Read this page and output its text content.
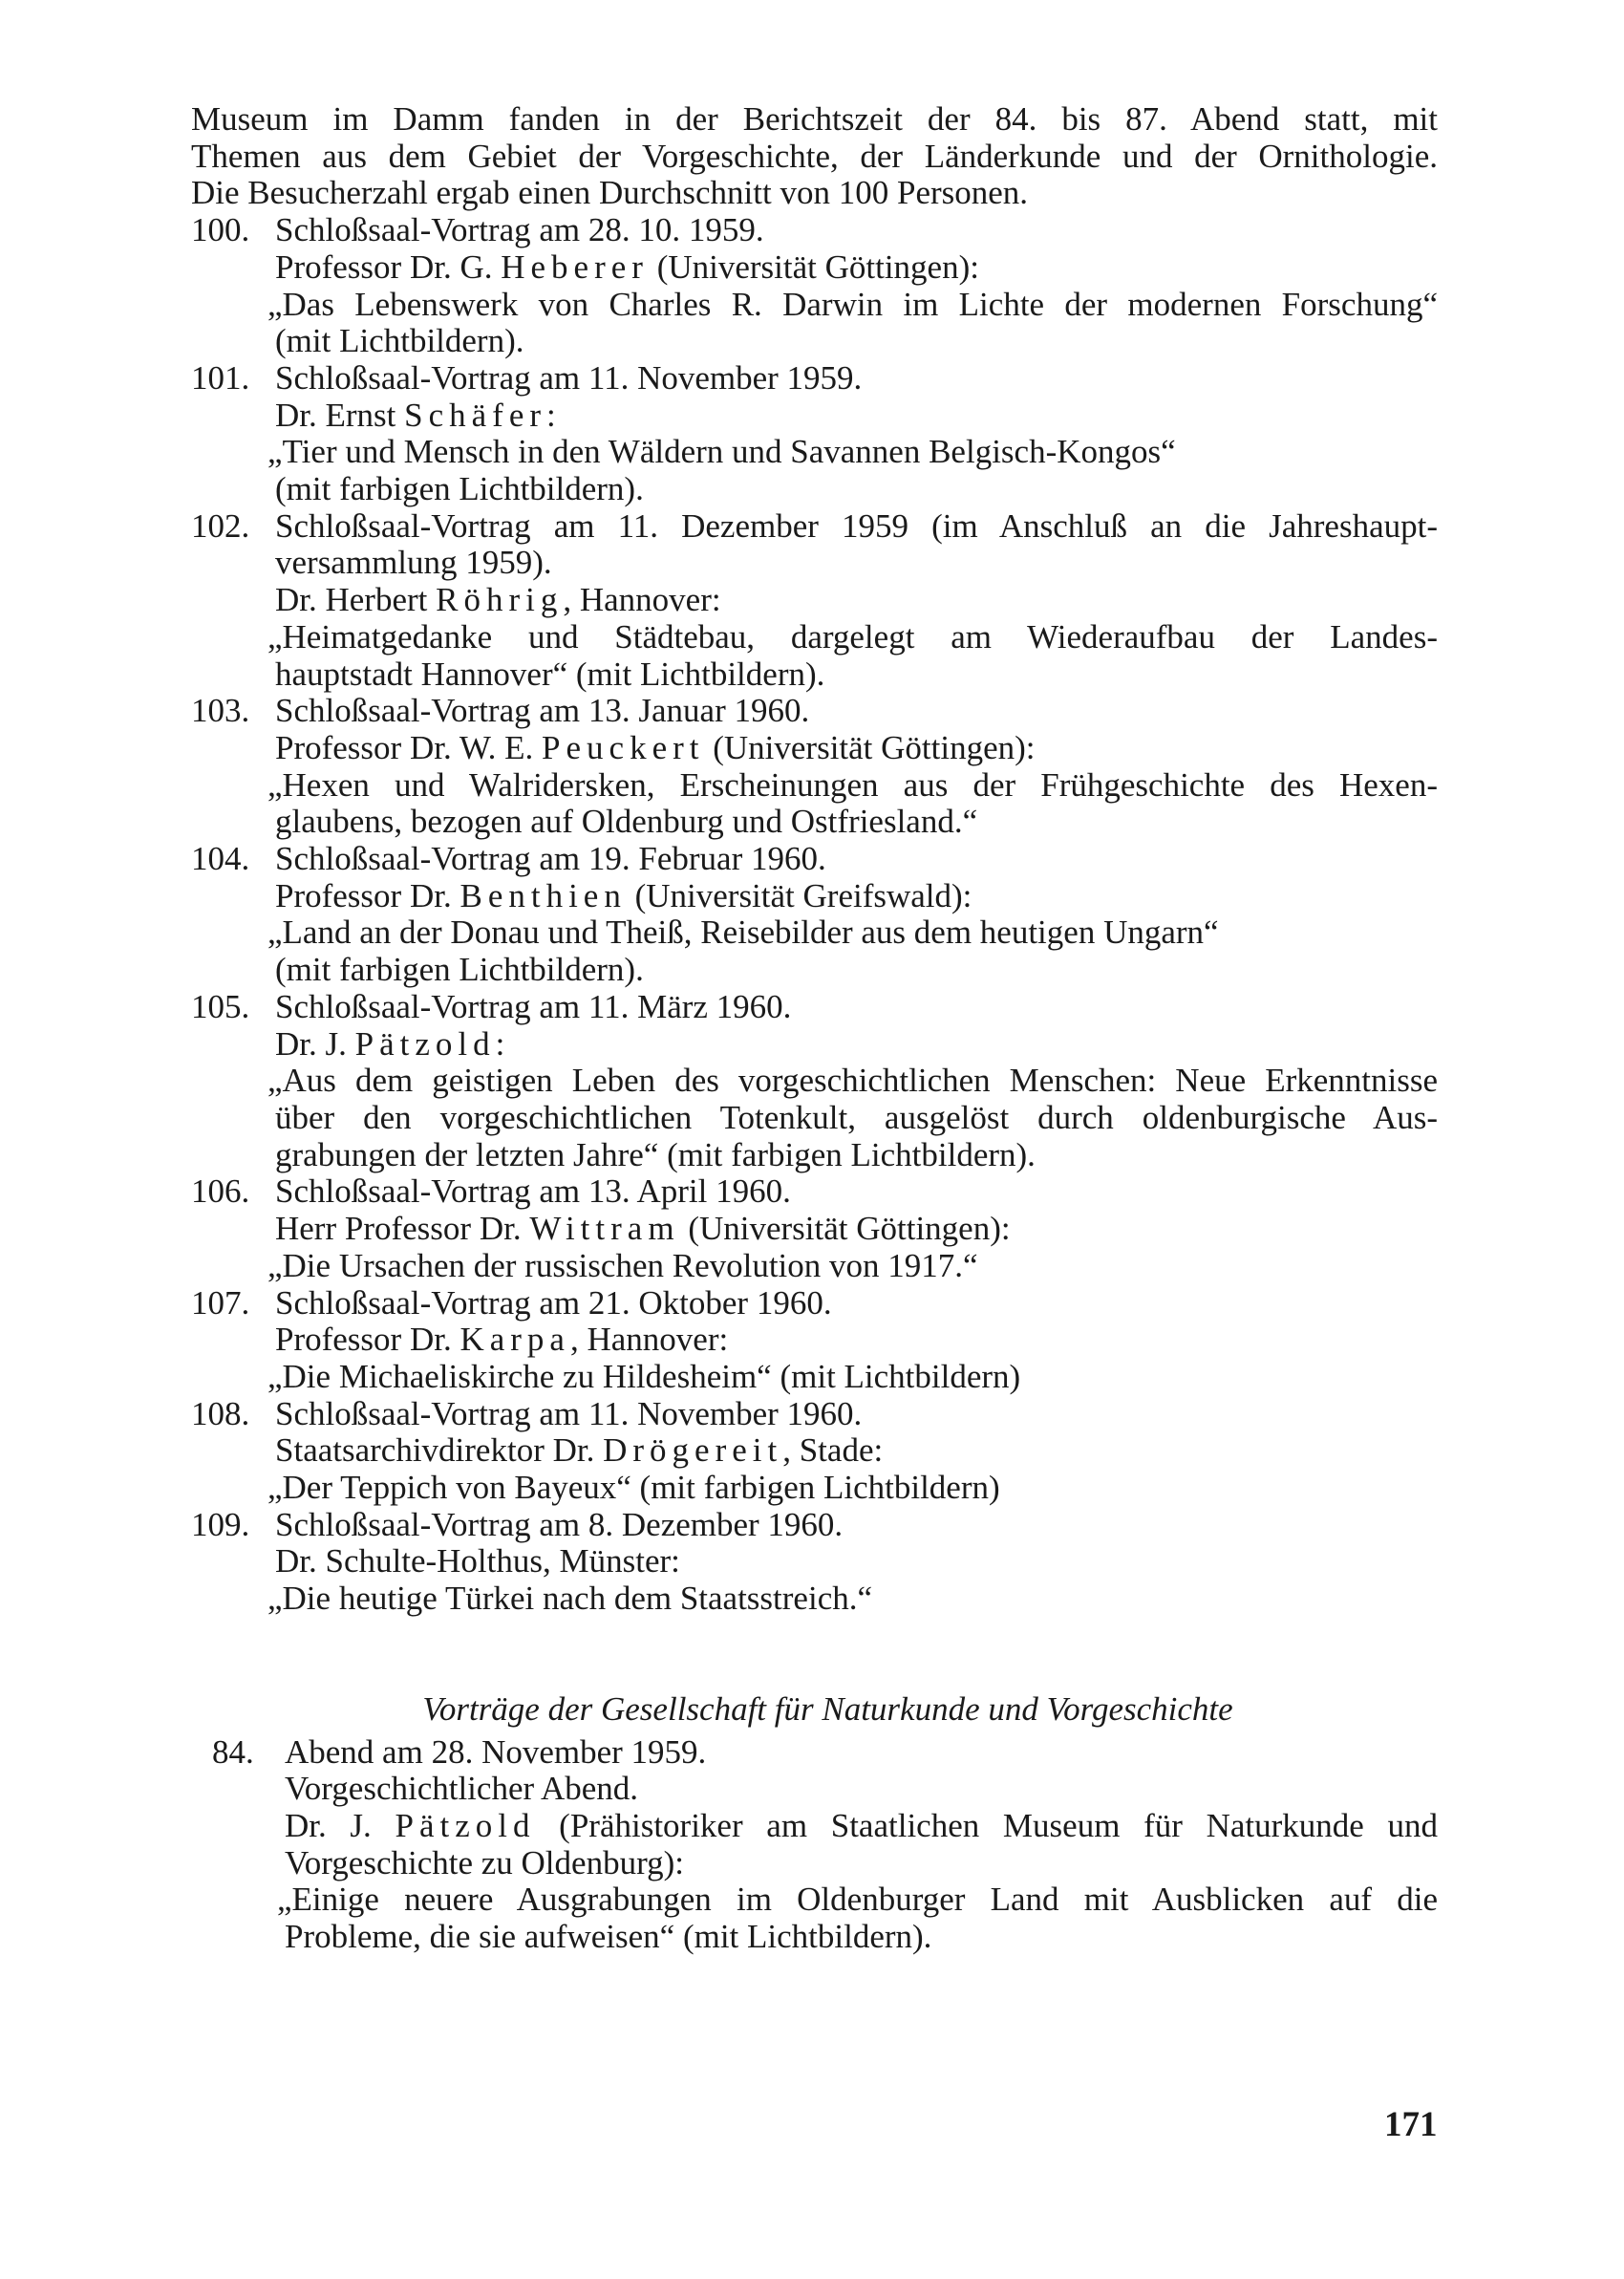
Museum im Damm fanden in der Berichtszeit der 84. bis 87. Abend statt, mit

Themen aus dem Gebiet der Vorgeschichte, der Länderkunde und der Ornithologie.

Die Besucherzahl ergab einen Durchschnitt von 100 Personen.

100. Schloßsaal-Vortrag am 28. 10. 1959.
Professor Dr. G. Heberer (Universität Göttingen):
„Das Lebenswerk von Charles R. Darwin im Lichte der modernen Forschung“
(mit Lichtbildern).
101. Schloßsaal-Vortrag am 11. November 1959.
Dr. Ernst Schäfer:
„Tier und Mensch in den Wäldern und Savannen Belgisch-Kongos“
(mit farbigen Lichtbildern).
102. Schloßsaal-Vortrag am 11. Dezember 1959 (im Anschluß an die Jahreshaupt-
versammlung 1959).
Dr. Herbert Röhrig, Hannover:
„Heimatgedanke und Städtebau, dargelegt am Wiederaufbau der Landes-
hauptstadt Hannover“ (mit Lichtbildern).
103. Schloßsaal-Vortrag am 13. Januar 1960.
Professor Dr. W. E. Peuckert (Universität Göttingen):
„Hexen und Walridersken, Erscheinungen aus der Frühgeschichte des Hexen-
glaubens, bezogen auf Oldenburg und Ostfriesland.“
104. Schloßsaal-Vortrag am 19. Februar 1960.
Professor Dr. Benthien (Universität Greifswald):
„Land an der Donau und Theiß, Reisebilder aus dem heutigen Ungarn“
(mit farbigen Lichtbildern).
105. Schloßsaal-Vortrag am 11. März 1960.
Dr. J. Pätzold:
„Aus dem geistigen Leben des vorgeschichtlichen Menschen: Neue Erkenntnisse
über den vorgeschichtlichen Totenkult, ausgelöst durch oldenburgische Aus-
grabungen der letzten Jahre“ (mit farbigen Lichtbildern).
106. Schloßsaal-Vortrag am 13. April 1960.
Herr Professor Dr. Wittram (Universität Göttingen):
„Die Ursachen der russischen Revolution von 1917.“
107. Schloßsaal-Vortrag am 21. Oktober 1960.
Professor Dr. Karpa, Hannover:
„Die Michaeliskirche zu Hildesheim“ (mit Lichtbildern)
108. Schloßsaal-Vortrag am 11. November 1960.
Staatsarchivdirektor Dr. Drögereit, Stade:
„Der Teppich von Bayeux“ (mit farbigen Lichtbildern)
109. Schloßsaal-Vortrag am 8. Dezember 1960.
Dr. Schulte-Holthus, Münster:
„Die heutige Türkei nach dem Staatsstreich.“
Vorträge der Gesellschaft für Naturkunde und Vorgeschichte
84. Abend am 28. November 1959.
Vorgeschichtlicher Abend.
Dr. J. Pätzold (Prähistoriker am Staatlichen Museum für Naturkunde und
Vorgeschichte zu Oldenburg):
„Einige neuere Ausgrabungen im Oldenburger Land mit Ausblicken auf die
Probleme, die sie aufweisen“ (mit Lichtbildern).
171
